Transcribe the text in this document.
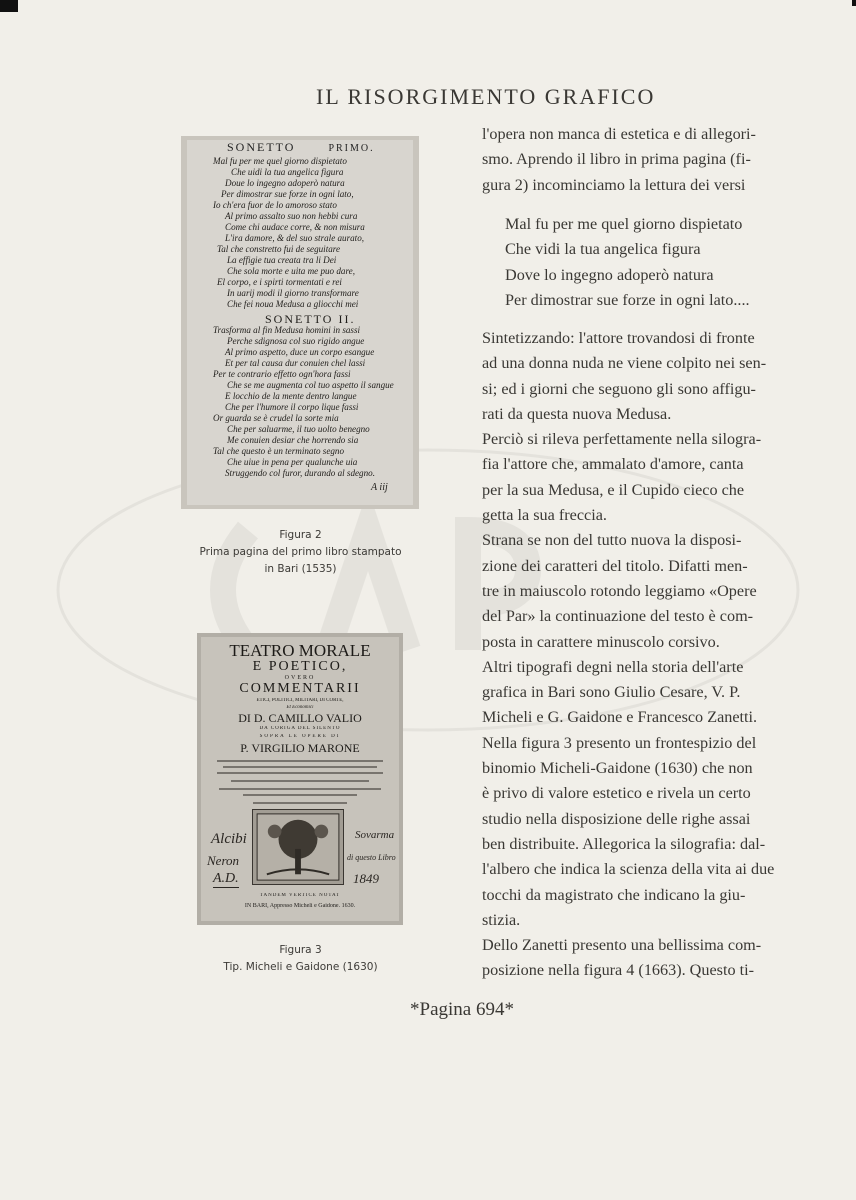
IL RISORGIMENTO GRAFICO
SONETTO	PRIMO.
Mal fu per me quel giorno dispietato
Che uidi la tua angelica figura
Doue lo ingegno adoperò natura
Per dimostrar sue forze in ogni lato,
Io ch'era fuor de lo amoroso stato
Al primo assalto suo non hebbi cura
Come chi audace corre, & non misura
L'ira damore, & del suo strale aurato,
Tal che constretto fui de seguitare
La effigie tua creata tra li Dei
Che sola morte e uita me puo dare,
El corpo, e i spirti tormentati e rei
In uarij modi il giorno transformare
Che fei noua Medusa a gliocchi mei
SONETTO II.
Trasforma al fin Medusa homini in sassi
Perche sdignosa col suo rigido angue
Al primo aspetto, duce un corpo esangue
Et per tal causa dur conuien chel lassi
Per te contrario effetto ogn'hora fassi
Che se me augmenta col tuo aspetto il sangue
E locchio de la mente dentro langue
Che per l'humore il corpo lique fassi
Or guarda se è crudel la sorte mia
Che per saluarme, il tuo uolto benegno
Me conuien desiar che horrendo sia
Tal che questo è un terminato segno
Che uiue in pena per qualunche uia
Struggendo col furor, durando al sdegno.
A iij
Figura 2
Prima pagina del primo libro stampato
in Bari (1535)
TEATRO MORALE
E POETICO,
OVERO
COMMENTARII
ETICI, POLITICI, MILITARI, DI CORTE,
Et Economici
DI D. CAMILLO VALIO
DA CORIGA DEL SILENTO
SOPRA LE OPERE DI
P. VIRGILIO MARONE
Alcibi
Neron
A.D.
Sovarma
di questo Libro
1849
TANDEM VERTICE NOTAT
IN BARI, Appresso Micheli e Gaidone. 1630.
Figura 3
Tip. Micheli e Gaidone (1630)
l'opera non manca di estetica e di allegori-
smo. Aprendo il libro in prima pagina (fi-
gura 2) incominciamo la lettura dei versi
Mal fu per me quel giorno dispietato
Che vidi la tua angelica figura
Dove lo ingegno adoperò natura
Per dimostrar sue forze in ogni lato....
Sintetizzando: l'attore trovandosi di fronte
ad una donna nuda ne viene colpito nei sen-
si; ed i giorni che seguono gli sono affigu-
rati da questa nuova Medusa.
Perciò si rileva perfettamente nella silogra-
fia l'attore che, ammalato d'amore, canta
per la sua Medusa, e il Cupido cieco che
getta la sua freccia.
Strana se non del tutto nuova la disposi-
zione dei caratteri del titolo. Difatti men-
tre in maiuscolo rotondo leggiamo «Opere
del Par» la continuazione del testo è com-
posta in carattere minuscolo corsivo.
Altri tipografi degni nella storia dell'arte
grafica in Bari sono Giulio Cesare, V. P.
Micheli e G. Gaidone e Francesco Zanetti.
Nella figura 3 presento un frontespizio del
binomio Micheli-Gaidone (1630) che non
è privo di valore estetico e rivela un certo
studio nella disposizione delle righe assai
ben distribuite. Allegorica la silografia: dal-
l'albero che indica la scienza della vita ai due
tocchi da magistrato che indicano la giu-
stizia.
Dello Zanetti presento una bellissima com-
posizione nella figura 4 (1663). Questo ti-
*Pagina 694*
